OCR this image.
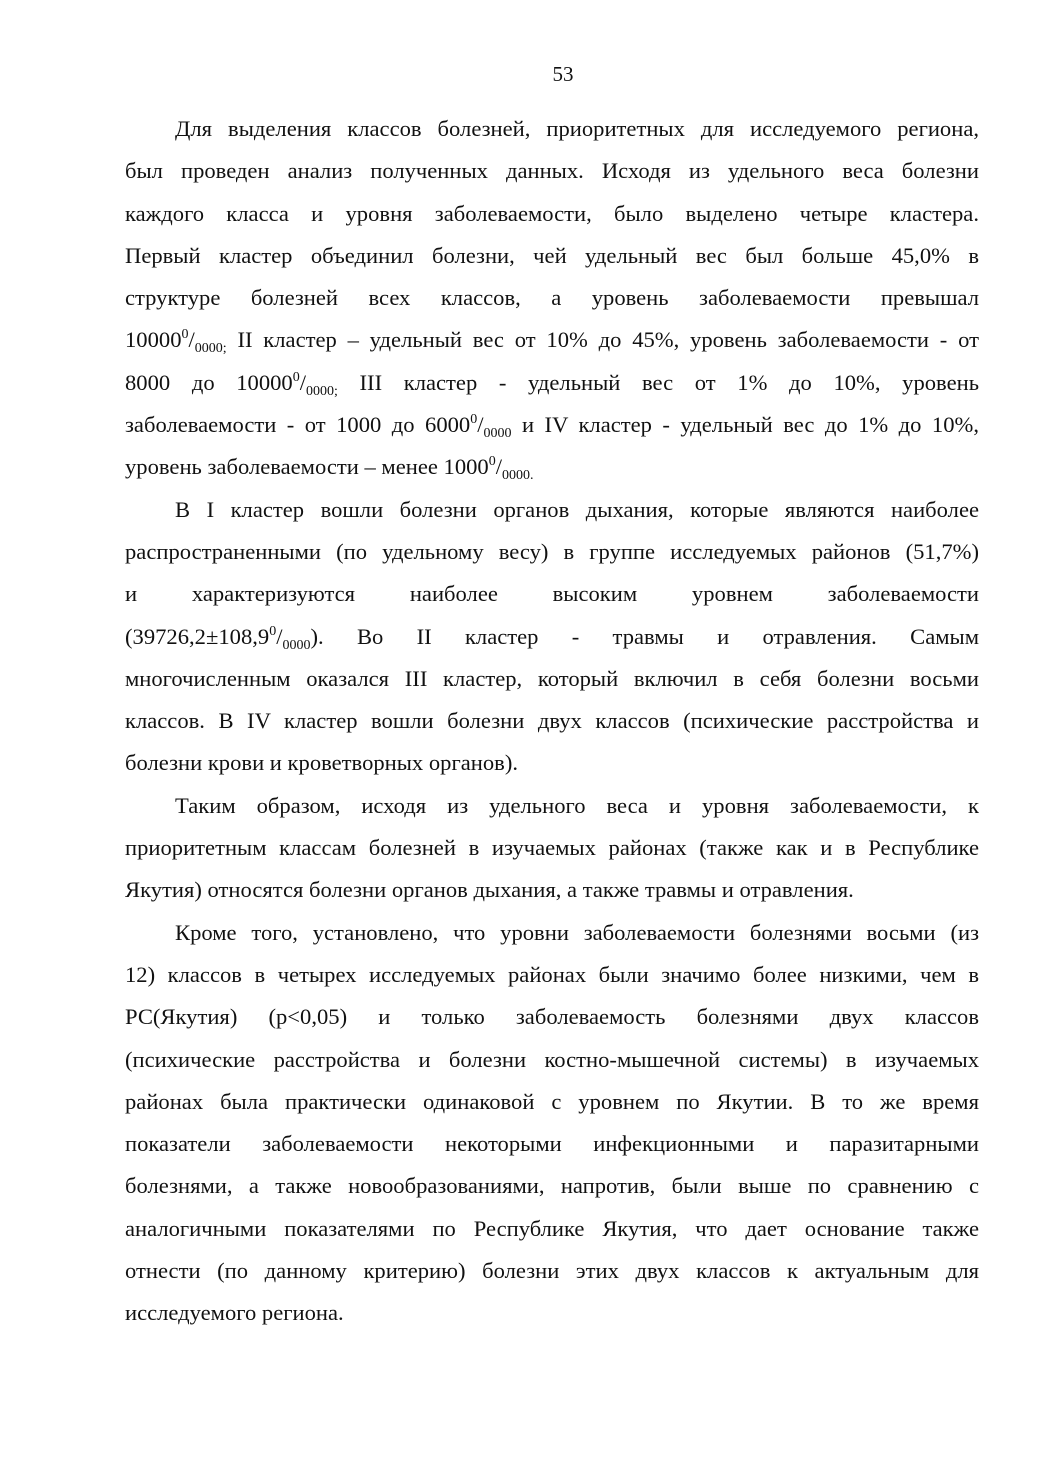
53
Для выделения классов болезней, приоритетных для исследуемого региона,
был проведен анализ полученных данных. Исходя из удельного веса болезни
каждого класса и уровня заболеваемости, было выделено четыре кластера.
Первый кластер объединил болезни, чей удельный вес был больше 45,0% в
структуре болезней всех классов, а уровень заболеваемости превышал
$10000^0/_{0000;}$ II кластер – удельный вес от 10% до 45%, уровень заболеваемости - от
8000 до $10000^0/_{0000;}$ III кластер - удельный вес от 1% до 10%, уровень
заболеваемости - от 1000 до $6000^0/_{0000}$ и IV кластер - удельный вес до 1% до 10%,
уровень заболеваемости – менее $1000^0/_{0000.}$
В I кластер вошли болезни органов дыхания, которые являются наиболее
распространенными (по удельному весу) в группе исследуемых районов (51,7%)
и характеризуются наиболее высоким уровнем заболеваемости
$(39726,2\pm 108,9^0/_{0000})$. Во II кластер - травмы и отравления. Самым
многочисленным оказался III кластер, который включил в себя болезни восьми
классов. В IV кластер вошли болезни двух классов (психические расстройства и
болезни крови и кроветворных органов).
Таким образом, исходя из удельного веса и уровня заболеваемости, к
приоритетным классам болезней в изучаемых районах (также как и в Республике
Якутия) относятся болезни органов дыхания, а также травмы и отравления.
Кроме того, установлено, что уровни заболеваемости болезнями восьми (из
12) классов в четырех исследуемых районах были значимо более низкими, чем в
РС(Якутия) (р<0,05) и только заболеваемость болезнями двух классов
(психические расстройства и болезни костно-мышечной системы) в изучаемых
районах была практически одинаковой с уровнем по Якутии. В то же время
показатели заболеваемости некоторыми инфекционными и паразитарными
болезнями, а также новообразованиями, напротив, были выше по сравнению с
аналогичными показателями по Республике Якутия, что дает основание также
отнести (по данному критерию) болезни этих двух классов к актуальным для
исследуемого региона.
